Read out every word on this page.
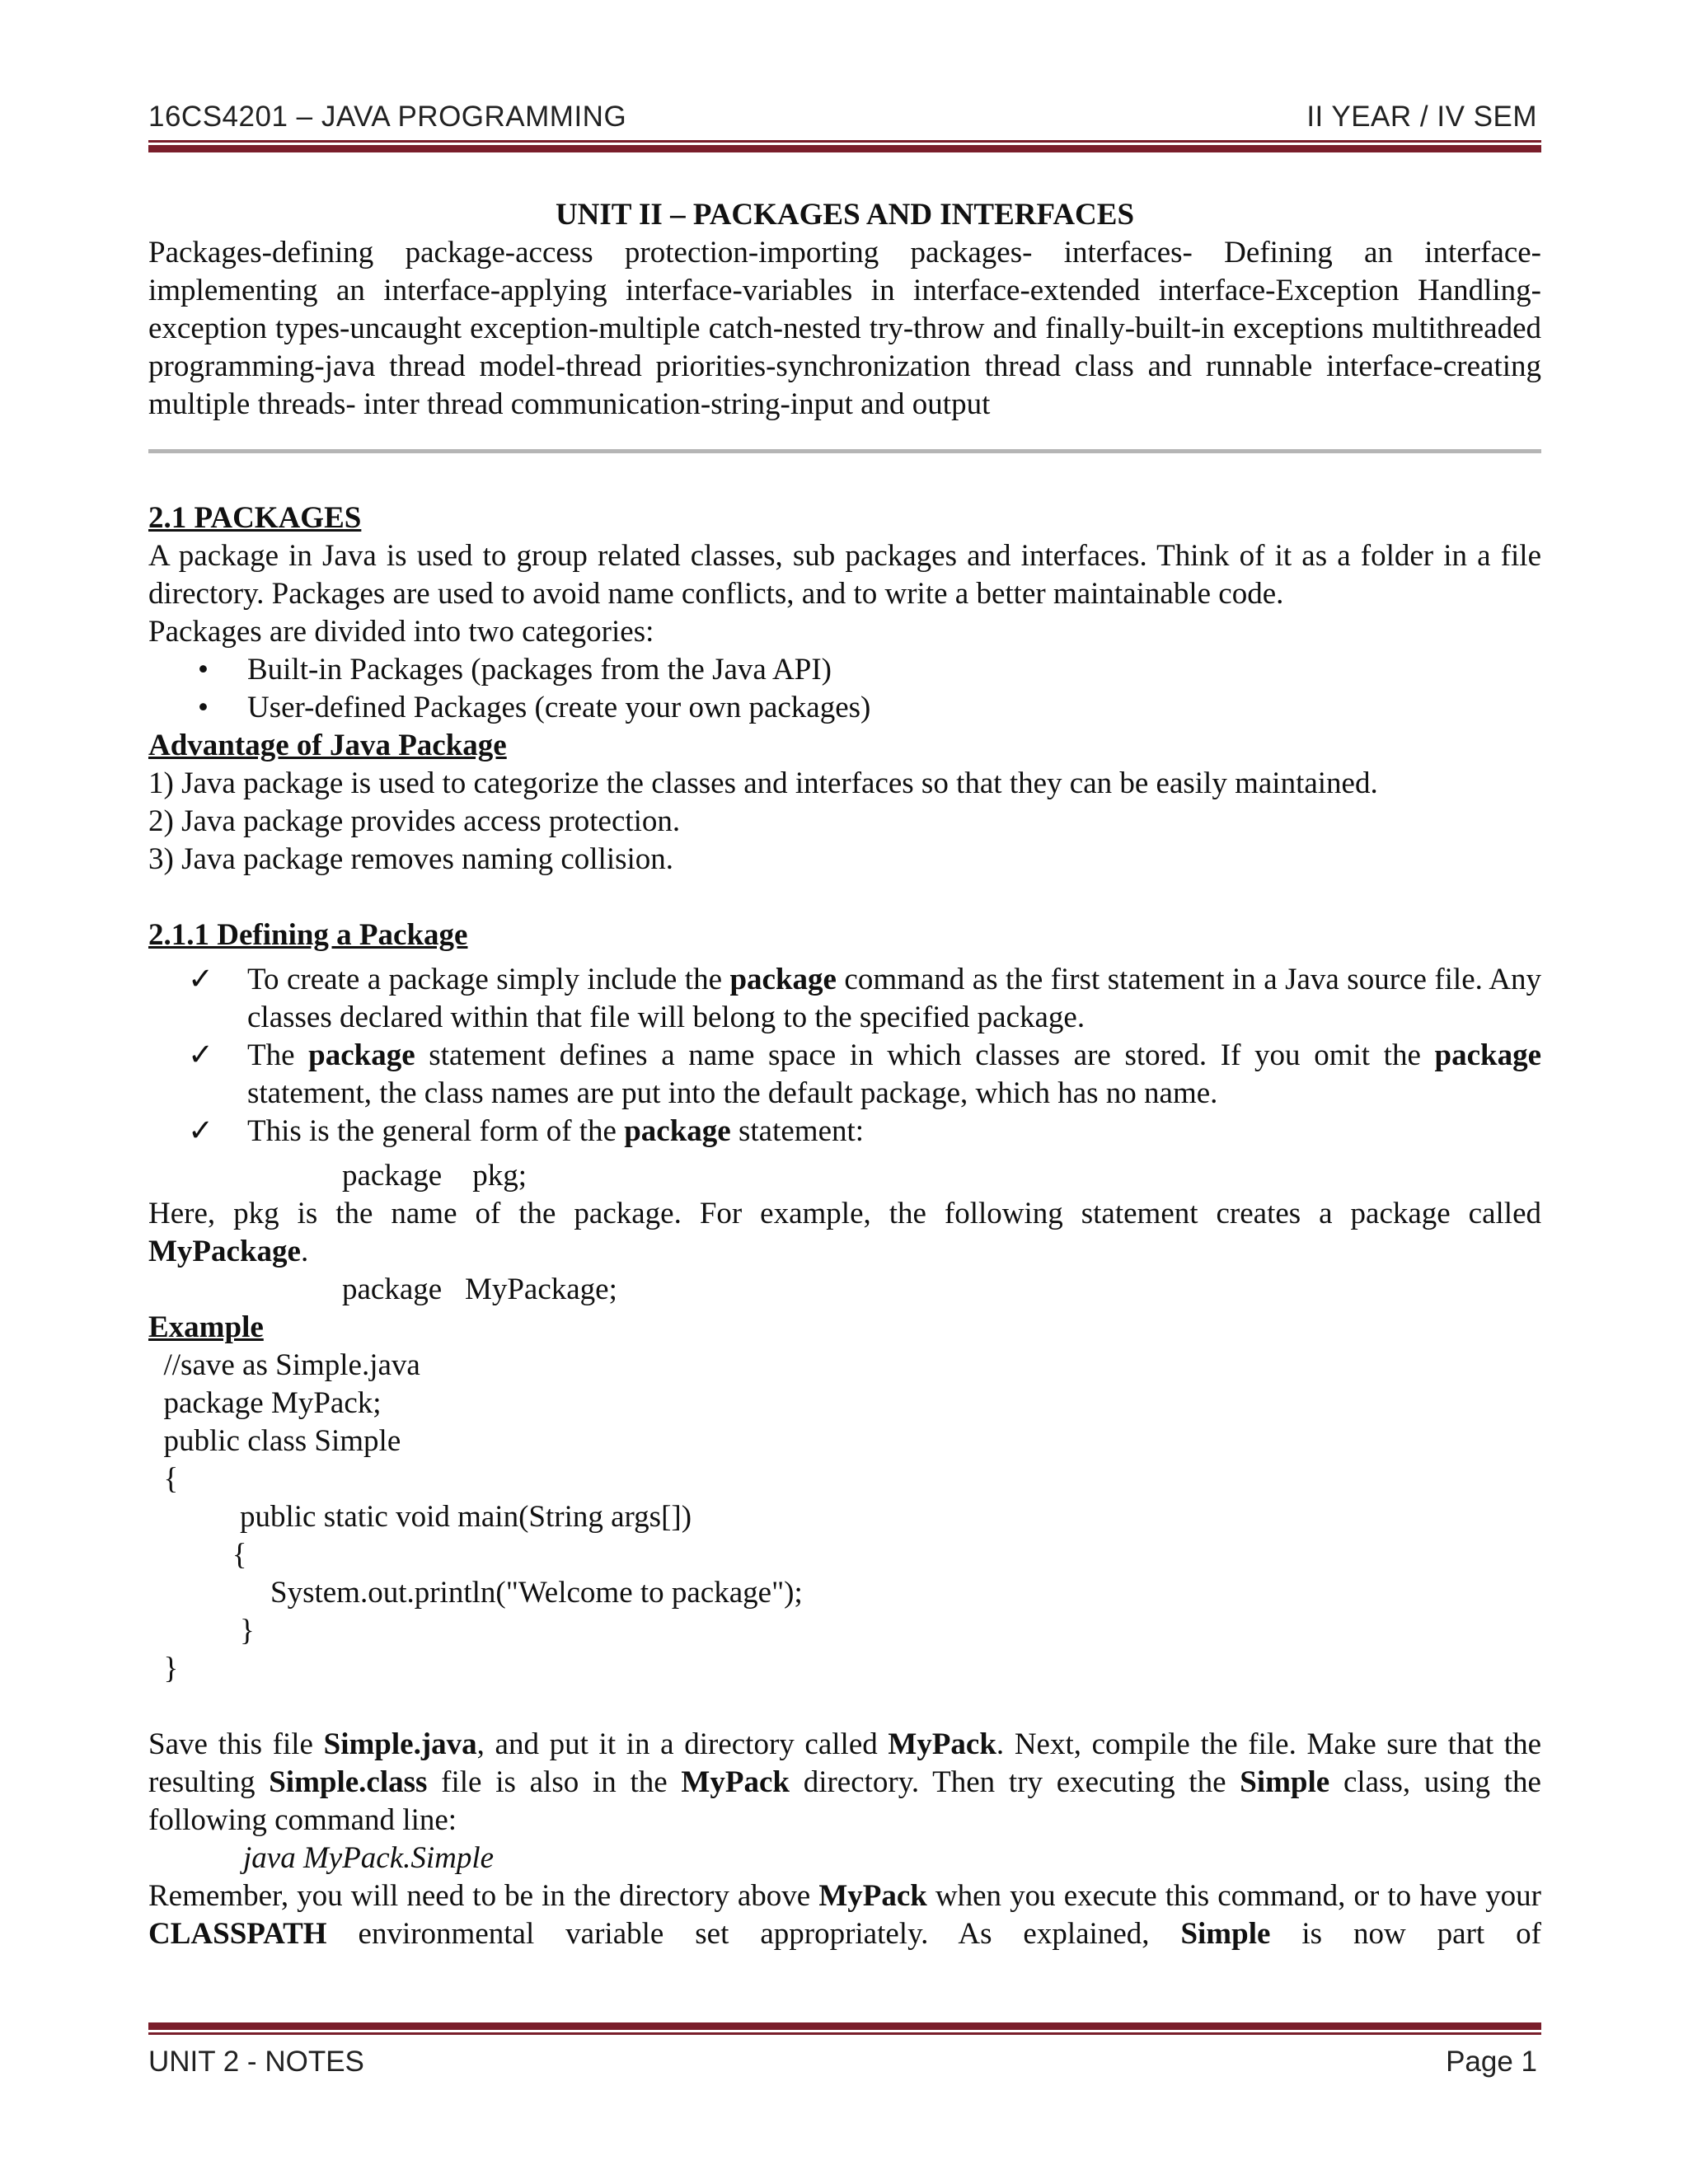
16CS4201 – JAVA PROGRAMMING	II YEAR / IV SEM

UNIT II – PACKAGES AND INTERFACES

Packages-defining package-access protection-importing packages- interfaces- Defining an interface-implementing an interface-applying interface-variables in interface-extended interface-Exception Handling-exception types-uncaught exception-multiple catch-nested try-throw and finally-built-in exceptions multithreaded programming-java thread model-thread priorities-synchronization thread class and runnable interface-creating multiple threads- inter thread communication-string-input and output

2.1 PACKAGES

A package in Java is used to group related classes, sub packages and interfaces. Think of it as a folder in a file directory. Packages are used to avoid name conflicts, and to write a better maintainable code.

Packages are divided into two categories:

• Built-in Packages (packages from the Java API)
• User-defined Packages (create your own packages)

Advantage of Java Package

1) Java package is used to categorize the classes and interfaces so that they can be easily maintained.

2) Java package provides access protection.

3) Java package removes naming collision.

2.1.1 Defining a Package

✓ To create a package simply include the package command as the first statement in a Java source file. Any classes declared within that file will belong to the specified package.
✓ The package statement defines a name space in which classes are stored. If you omit the package statement, the class names are put into the default package, which has no name.
✓ This is the general form of the package statement:

package    pkg;

Here, pkg is the name of the package. For example, the following statement creates a package called MyPackage.

package   MyPackage;

Example

//save as Simple.java
package MyPack;
public class Simple
{
public static void main(String args[])
{
System.out.println("Welcome to package");
}
}

Save this file Simple.java, and put it in a directory called MyPack. Next, compile the file. Make sure that the resulting Simple.class file is also in the MyPack directory. Then try executing the Simple class, using the following command line:

java MyPack.Simple

Remember, you will need to be in the directory above MyPack when you execute this command, or to have your CLASSPATH environmental variable set appropriately. As explained, Simple is now part of

UNIT 2 - NOTES	Page 1
